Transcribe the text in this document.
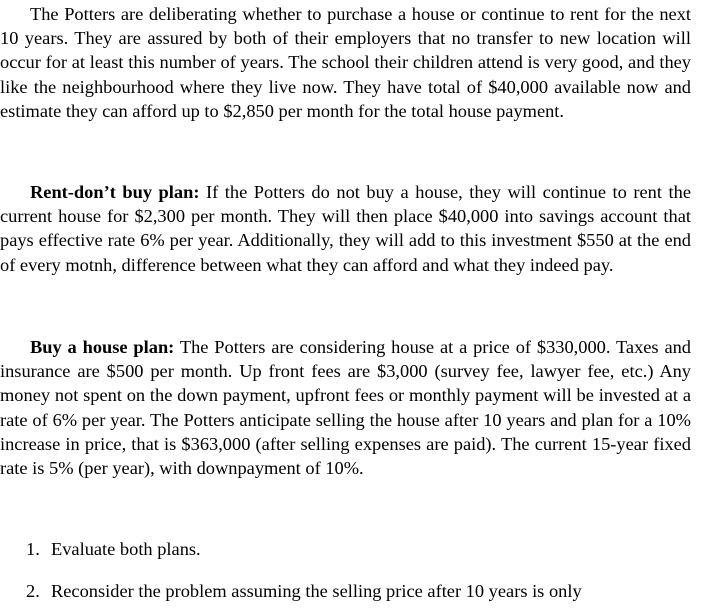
The Potters are deliberating whether to purchase a house or continue to rent for the next 10 years. They are assured by both of their employers that no transfer to new location will occur for at least this number of years. The school their children attend is very good, and they like the neighbourhood where they live now. They have total of $40,000 available now and estimate they can afford up to $2,850 per month for the total house payment.

Rent-don’t buy plan: If the Potters do not buy a house, they will continue to rent the current house for $2,300 per month. They will then place $40,000 into savings account that pays effective rate 6% per year. Additionally, they will add to this investment $550 at the end of every motnh, difference between what they can afford and what they indeed pay.

Buy a house plan: The Potters are considering house at a price of $330,000. Taxes and insurance are $500 per month. Up front fees are $3,000 (survey fee, lawyer fee, etc.) Any money not spent on the down payment, upfront fees or monthly payment will be invested at a rate of 6% per year. The Potters anticipate selling the house after 10 years and plan for a 10% increase in price, that is $363,000 (after selling expenses are paid). The current 15-year fixed rate is 5% (per year), with downpayment of 10%.

1. Evaluate both plans.
2. Reconsider the problem assuming the selling price after 10 years is only
